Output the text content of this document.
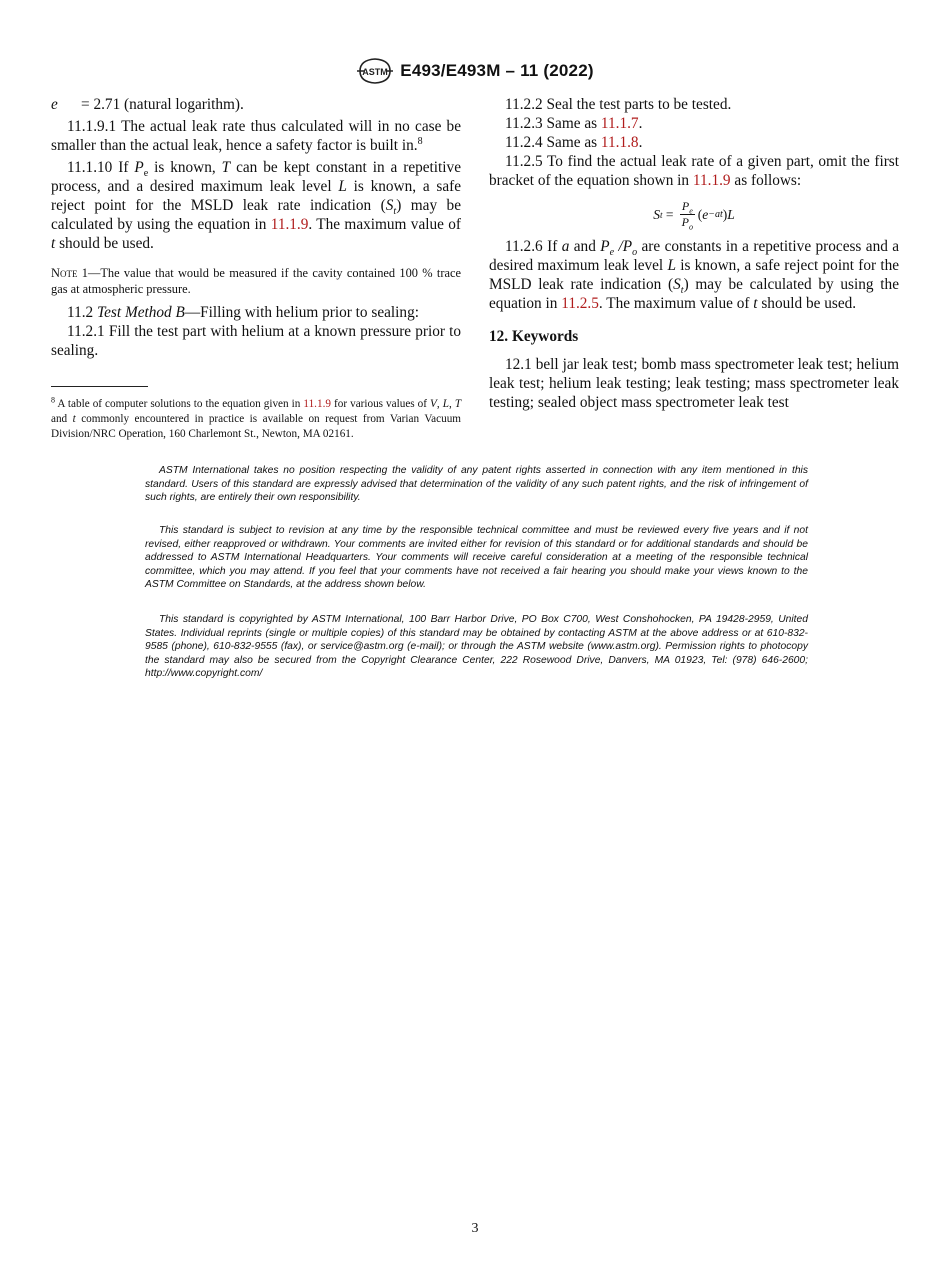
ASTM E493/E493M – 11 (2022)
e	= 2.71 (natural logarithm).

11.1.9.1 The actual leak rate thus calculated will in no case be smaller than the actual leak, hence a safety factor is built in.$^8$

11.1.10 If $P_e$ is known, T can be kept constant in a repetitive process, and a desired maximum leak level L is known, a safe reject point for the MSLD leak rate indication $(S_t)$ may be calculated by using the equation in 11.1.9. The maximum value of t should be used.

Note 1—The value that would be measured if the cavity contained 100 % trace gas at atmospheric pressure.

11.2 Test Method B—Filling with helium prior to sealing:

11.2.1 Fill the test part with helium at a known pressure prior to sealing.

$^8$ A table of computer solutions to the equation given in 11.1.9 for various values of V, L, T and t commonly encountered in practice is available on request from Varian Vacuum Division/NRC Operation, 160 Charlemont St., Newton, MA 02161.

11.2.2 Seal the test parts to be tested.

11.2.3 Same as 11.1.7.

11.2.4 Same as 11.1.8.

11.2.5 To find the actual leak rate of a given part, omit the first bracket of the equation shown in 11.1.9 as follows:

S t
=
$\frac{P_e}{P_o}$ ( e −at ) L

11.2.6 If a and $P_e$ $/P_o$ are constants in a repetitive process and a desired maximum leak level L is known, a safe reject point for the MSLD leak rate indication $(S_t)$ may be calculated by using the equation in 11.2.5. The maximum value of t should be used.

12. Keywords

12.1 bell jar leak test; bomb mass spectrometer leak test; helium leak test; helium leak testing; leak testing; mass spectrometer leak testing; sealed object mass spectrometer leak test

ASTM International takes no position respecting the validity of any patent rights asserted in connection with any item mentioned in this standard. Users of this standard are expressly advised that determination of the validity of any such patent rights, and the risk of infringement of such rights, are entirely their own responsibility.

This standard is subject to revision at any time by the responsible technical committee and must be reviewed every five years and if not revised, either reapproved or withdrawn. Your comments are invited either for revision of this standard or for additional standards and should be addressed to ASTM International Headquarters. Your comments will receive careful consideration at a meeting of the responsible technical committee, which you may attend. If you feel that your comments have not received a fair hearing you should make your views known to the ASTM Committee on Standards, at the address shown below.

This standard is copyrighted by ASTM International, 100 Barr Harbor Drive, PO Box C700, West Conshohocken, PA 19428-2959, United States. Individual reprints (single or multiple copies) of this standard may be obtained by contacting ASTM at the above address or at 610-832-9585 (phone), 610-832-9555 (fax), or service@astm.org (e-mail); or through the ASTM website (www.astm.org). Permission rights to photocopy the standard may also be secured from the Copyright Clearance Center, 222 Rosewood Drive, Danvers, MA 01923, Tel: (978) 646-2600; http://www.copyright.com/

3
